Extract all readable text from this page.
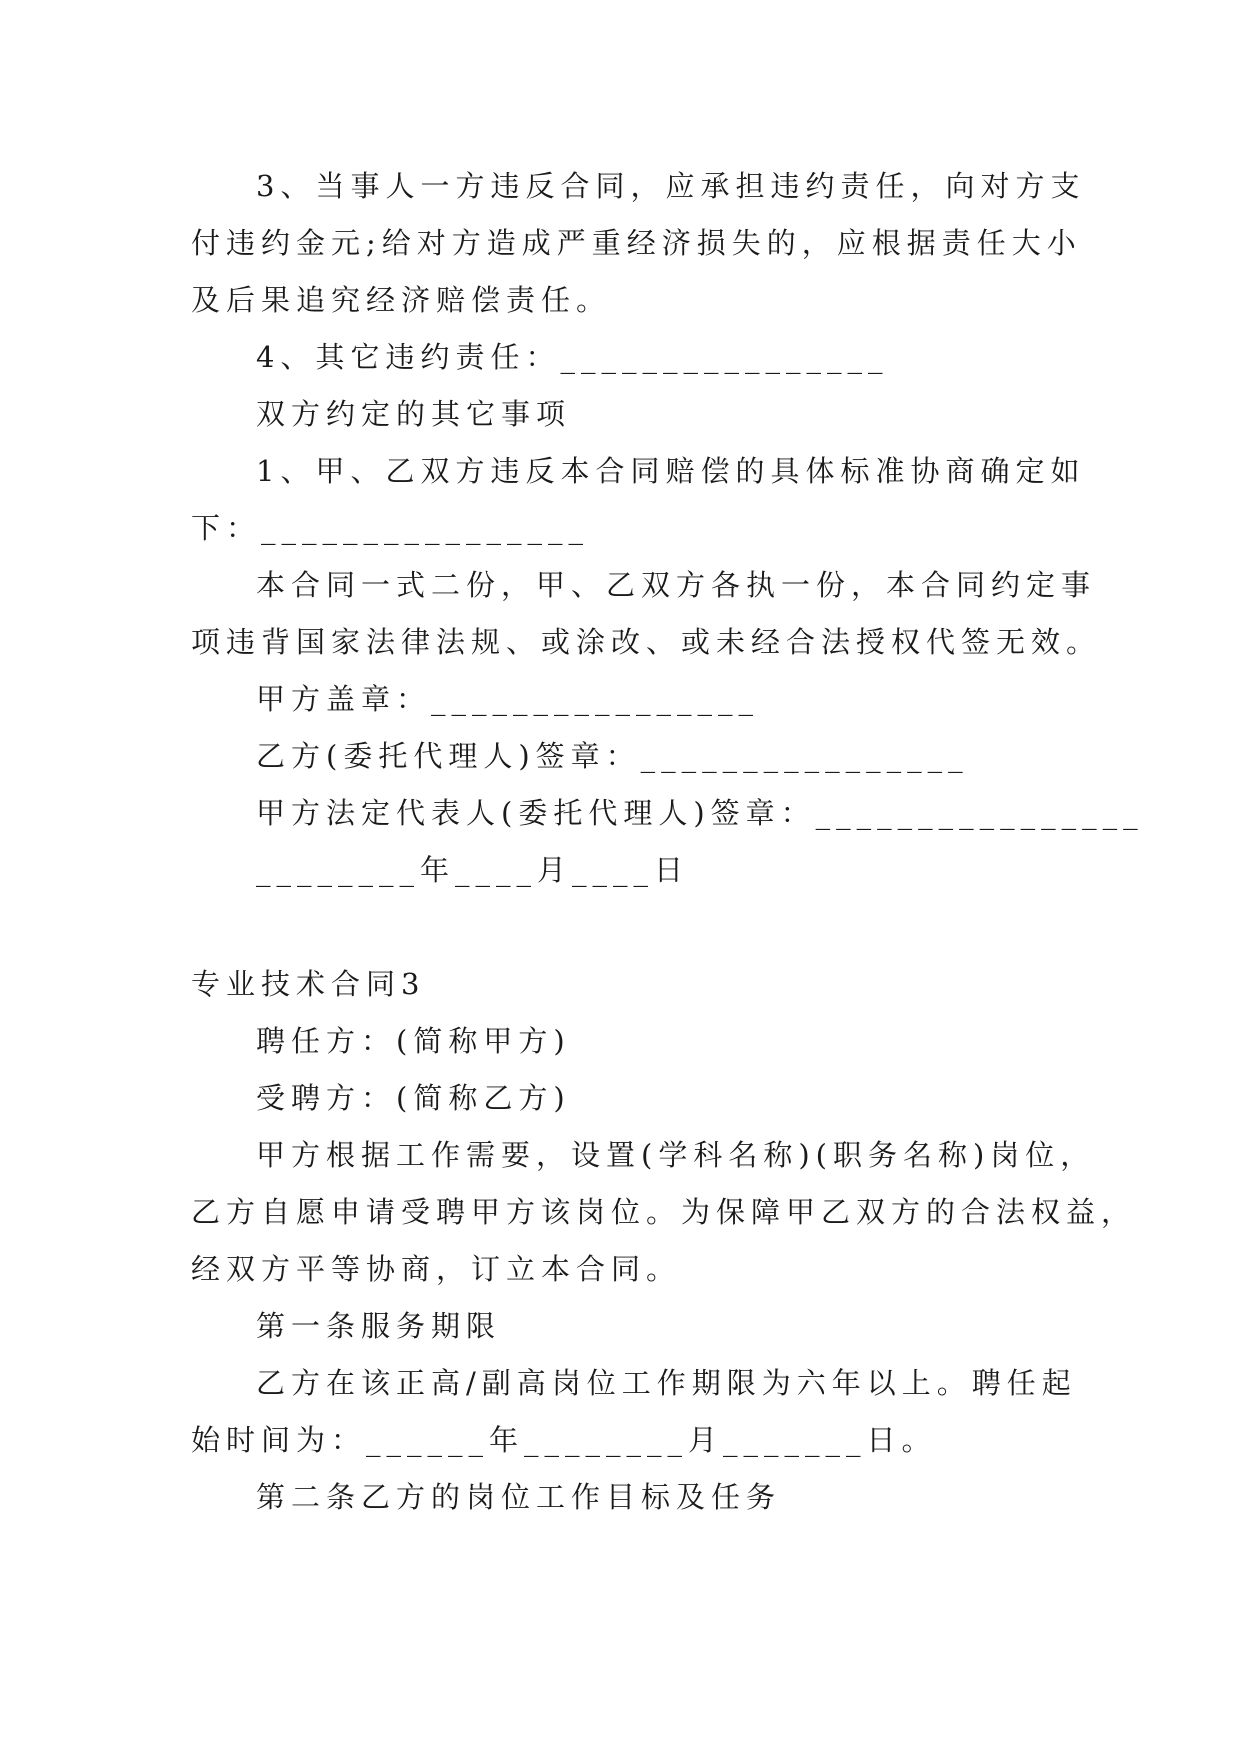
3、当事人一方违反合同，应承担违约责任，向对方支
付违约金元;给对方造成严重经济损失的，应根据责任大小
及后果追究经济赔偿责任。
4、其它违约责任：________________
双方约定的其它事项
1、甲、乙双方违反本合同赔偿的具体标准协商确定如
下：________________
本合同一式二份，甲、乙双方各执一份，本合同约定事
项违背国家法律法规、或涂改、或未经合法授权代签无效。
甲方盖章：________________
乙方(委托代理人)签章：________________
甲方法定代表人(委托代理人)签章：________________
________年____月____日
专业技术合同3
聘任方：(简称甲方)
受聘方：(简称乙方)
甲方根据工作需要，设置(学科名称)(职务名称)岗位，
乙方自愿申请受聘甲方该岗位。为保障甲乙双方的合法权益，
经双方平等协商，订立本合同。
第一条服务期限
乙方在该正高/副高岗位工作期限为六年以上。聘任起
始时间为：______年________月_______日。
第二条乙方的岗位工作目标及任务
